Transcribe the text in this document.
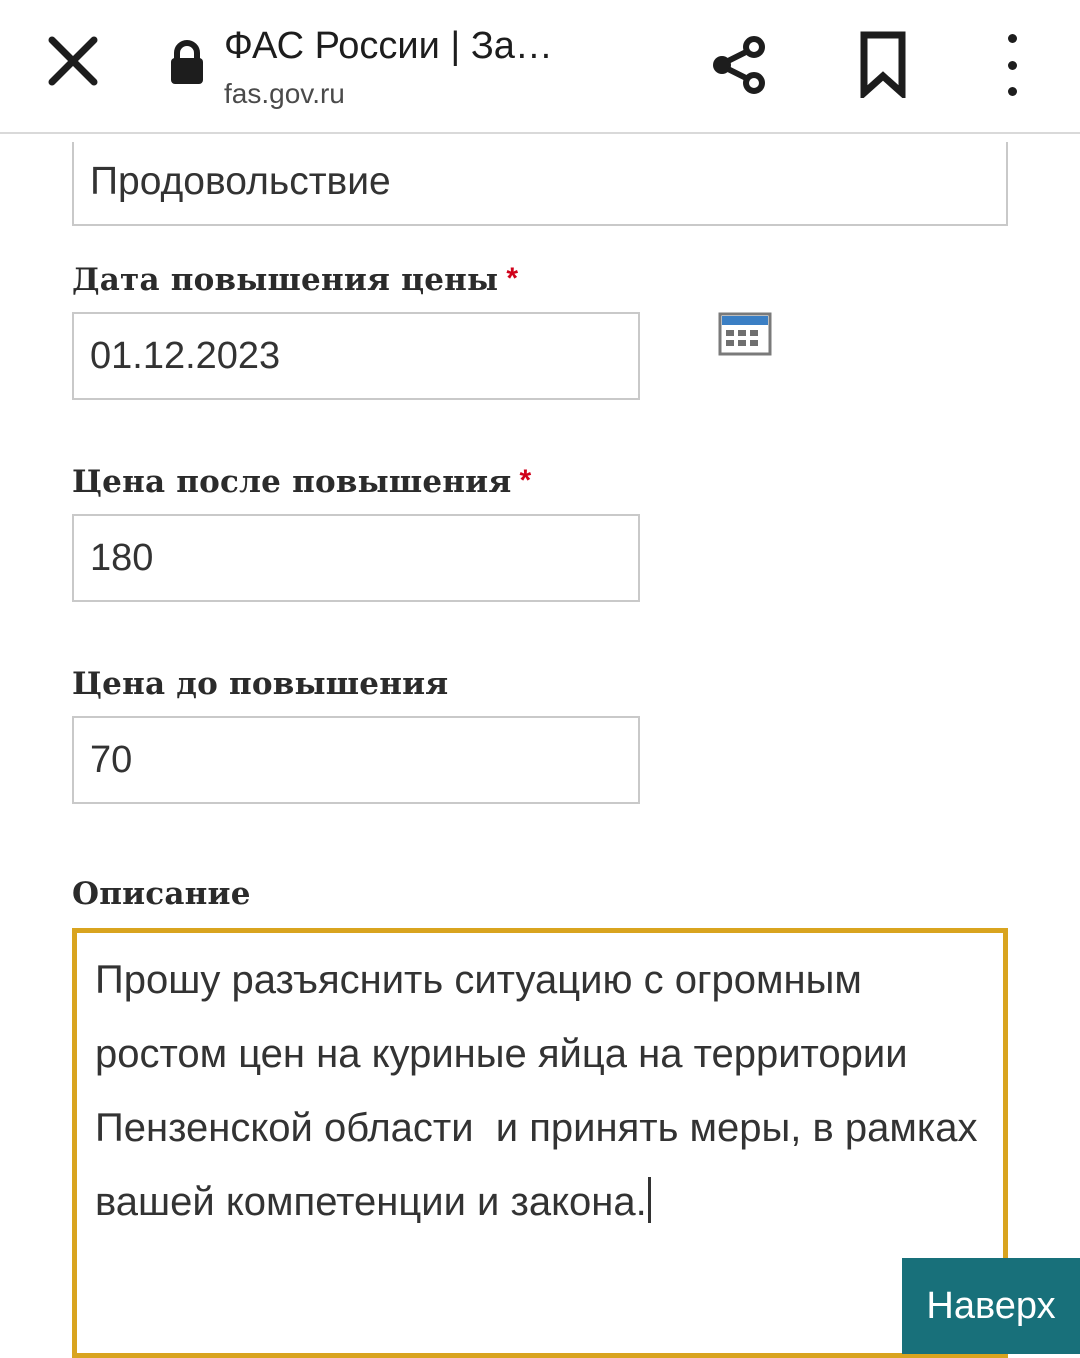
ФАС России | За…
fas.gov.ru
Продовольствие
Дата повышения цены *
01.12.2023
Цена после повышения *
180
Цена до повышения
70
Описание
Прошу разъяснить ситуацию с огромным ростом цен на куриные яйца на территории Пензенской области  и принять меры, в рамках вашей компетенции и закона.
Наверх
